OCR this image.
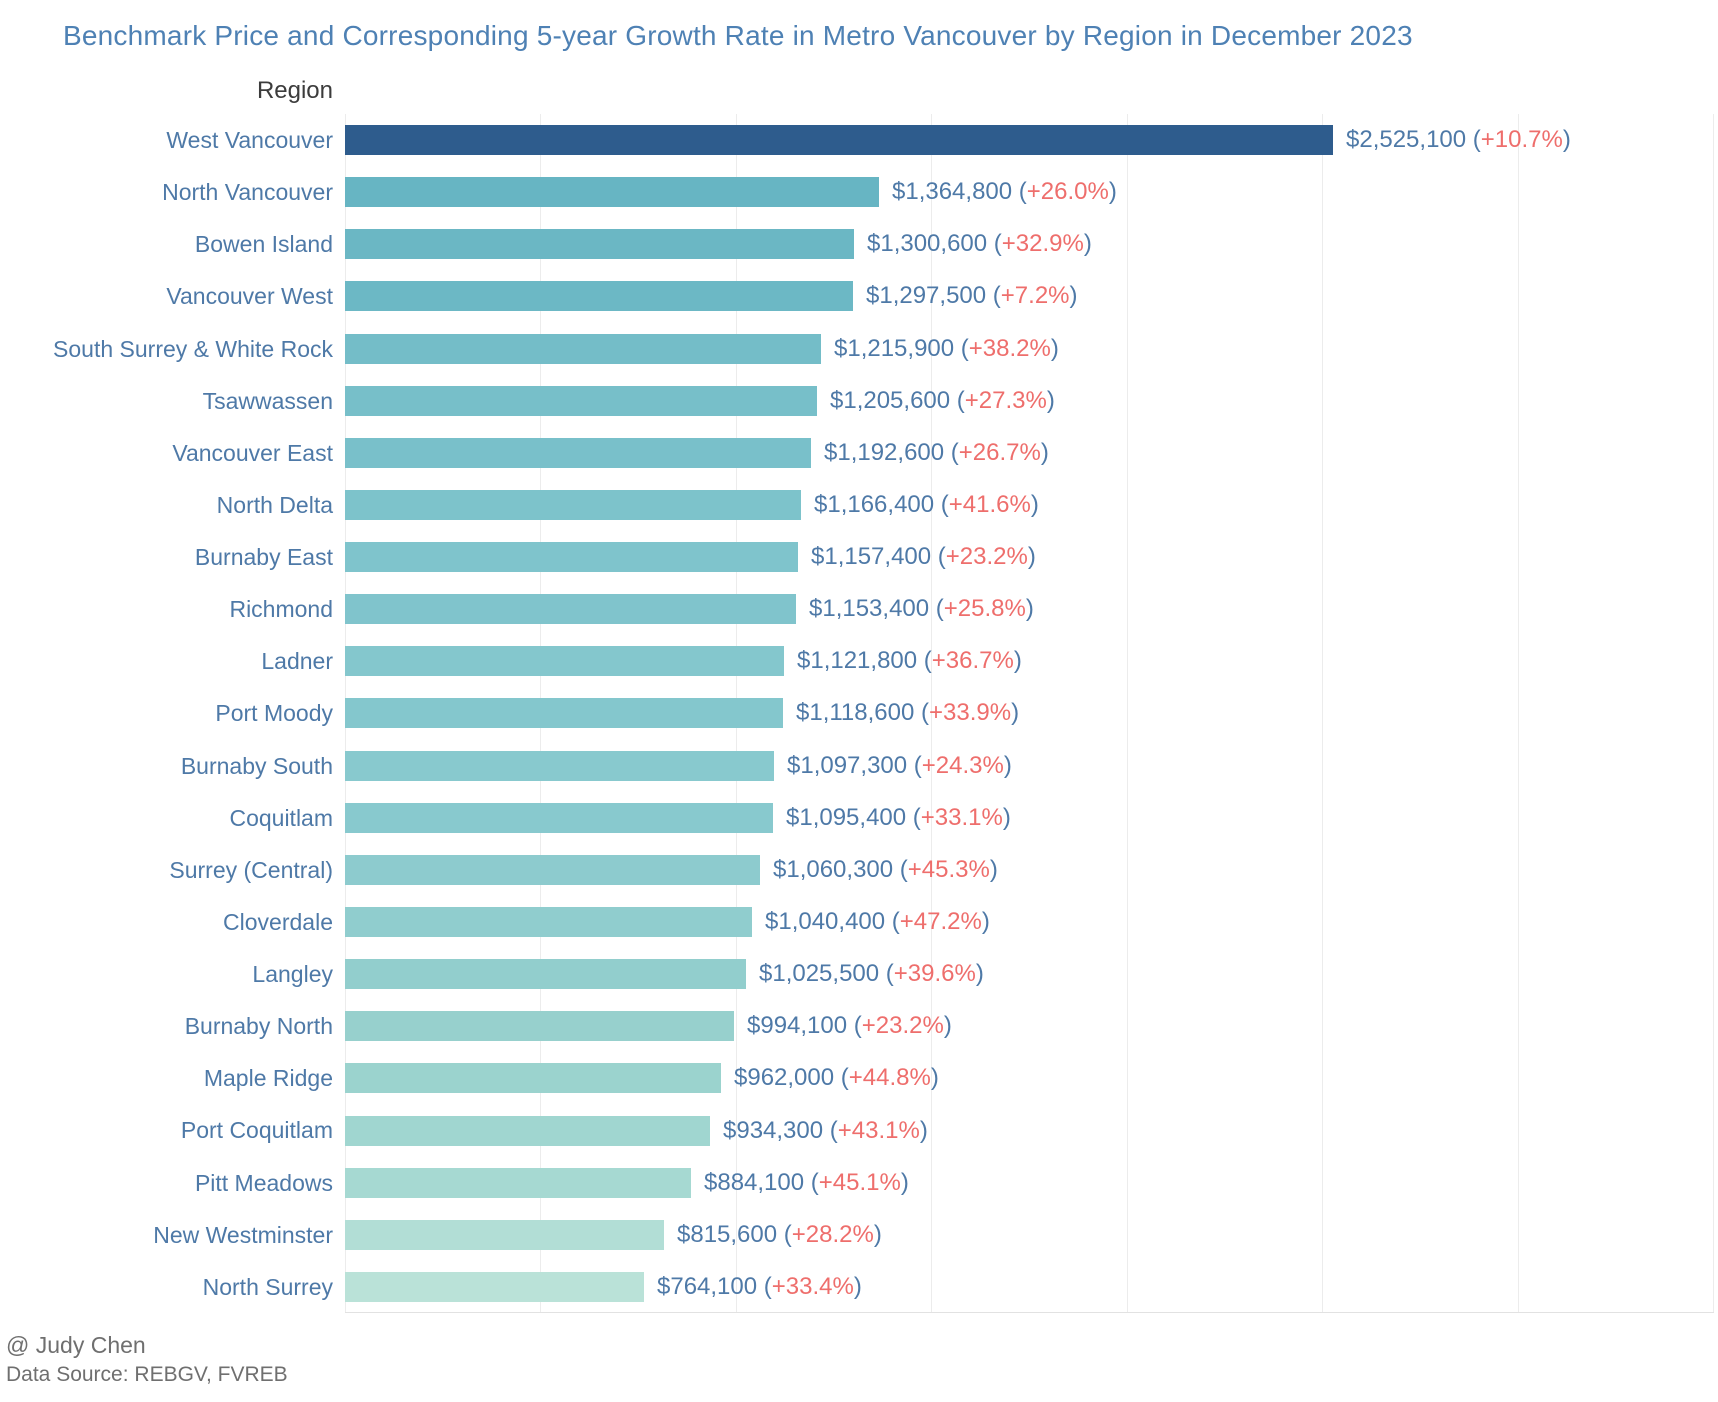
Benchmark Price and Corresponding 5-year Growth Rate in Metro Vancouver by Region in December 2023
Region
West Vancouver
North Vancouver
Bowen Island
Vancouver West
South Surrey & White Rock
Tsawwassen
Vancouver East
North Delta
Burnaby East
Richmond
Ladner
Port Moody
Burnaby South
Coquitlam
Surrey (Central)
Cloverdale
Langley
Burnaby North
Maple Ridge
Port Coquitlam
Pitt Meadows
New Westminster
North Surrey
$2,525,100 (+10.7%)
$1,364,800 (+26.0%)
$1,300,600 (+32.9%)
$1,297,500 (+7.2%)
$1,215,900 (+38.2%)
$1,205,600 (+27.3%)
$1,192,600 (+26.7%)
$1,166,400 (+41.6%)
$1,157,400 (+23.2%)
$1,153,400 (+25.8%)
$1,121,800 (+36.7%)
$1,118,600 (+33.9%)
$1,097,300 (+24.3%)
$1,095,400 (+33.1%)
$1,060,300 (+45.3%)
$1,040,400 (+47.2%)
$1,025,500 (+39.6%)
$994,100 (+23.2%)
$962,000 (+44.8%)
$934,300 (+43.1%)
$884,100 (+45.1%)
$815,600 (+28.2%)
$764,100 (+33.4%)
@ Judy Chen
Data Source: REBGV, FVREB
